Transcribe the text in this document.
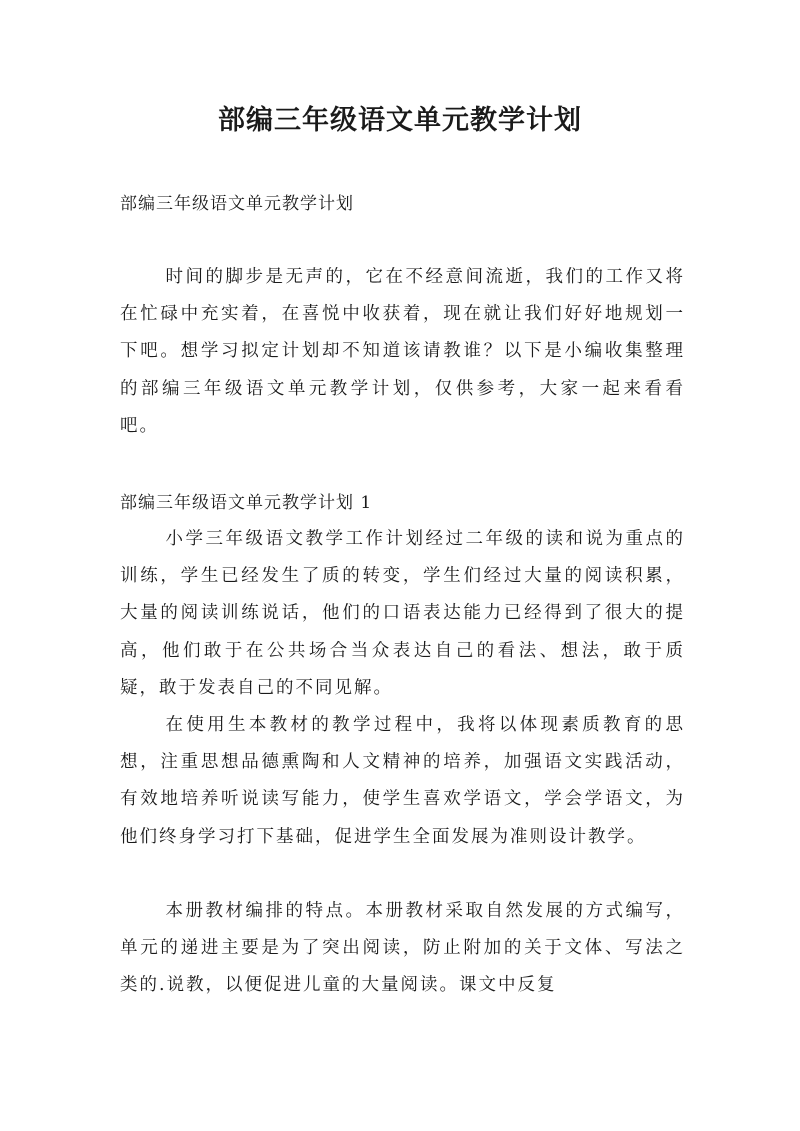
部编三年级语文单元教学计划

部编三年级语文单元教学计划

时间的脚步是无声的，它在不经意间流逝，我们的工作又将在忙碌中充实着，在喜悦中收获着，现在就让我们好好地规划一下吧。想学习拟定计划却不知道该请教谁？以下是小编收集整理的部编三年级语文单元教学计划，仅供参考，大家一起来看看吧。

部编三年级语文单元教学计划 1

小学三年级语文教学工作计划经过二年级的读和说为重点的训练，学生已经发生了质的转变，学生们经过大量的阅读积累，大量的阅读训练说话，他们的口语表达能力已经得到了很大的提高，他们敢于在公共场合当众表达自己的看法、想法，敢于质疑，敢于发表自己的不同见解。

在使用生本教材的教学过程中，我将以体现素质教育的思想，注重思想品德熏陶和人文精神的培养，加强语文实践活动，有效地培养听说读写能力，使学生喜欢学语文，学会学语文，为他们终身学习打下基础，促进学生全面发展为准则设计教学。

本册教材编排的特点。本册教材采取自然发展的方式编写，单元的递进主要是为了突出阅读，防止附加的关于文体、写法之类的.说教，以便促进儿童的大量阅读。课文中反复
